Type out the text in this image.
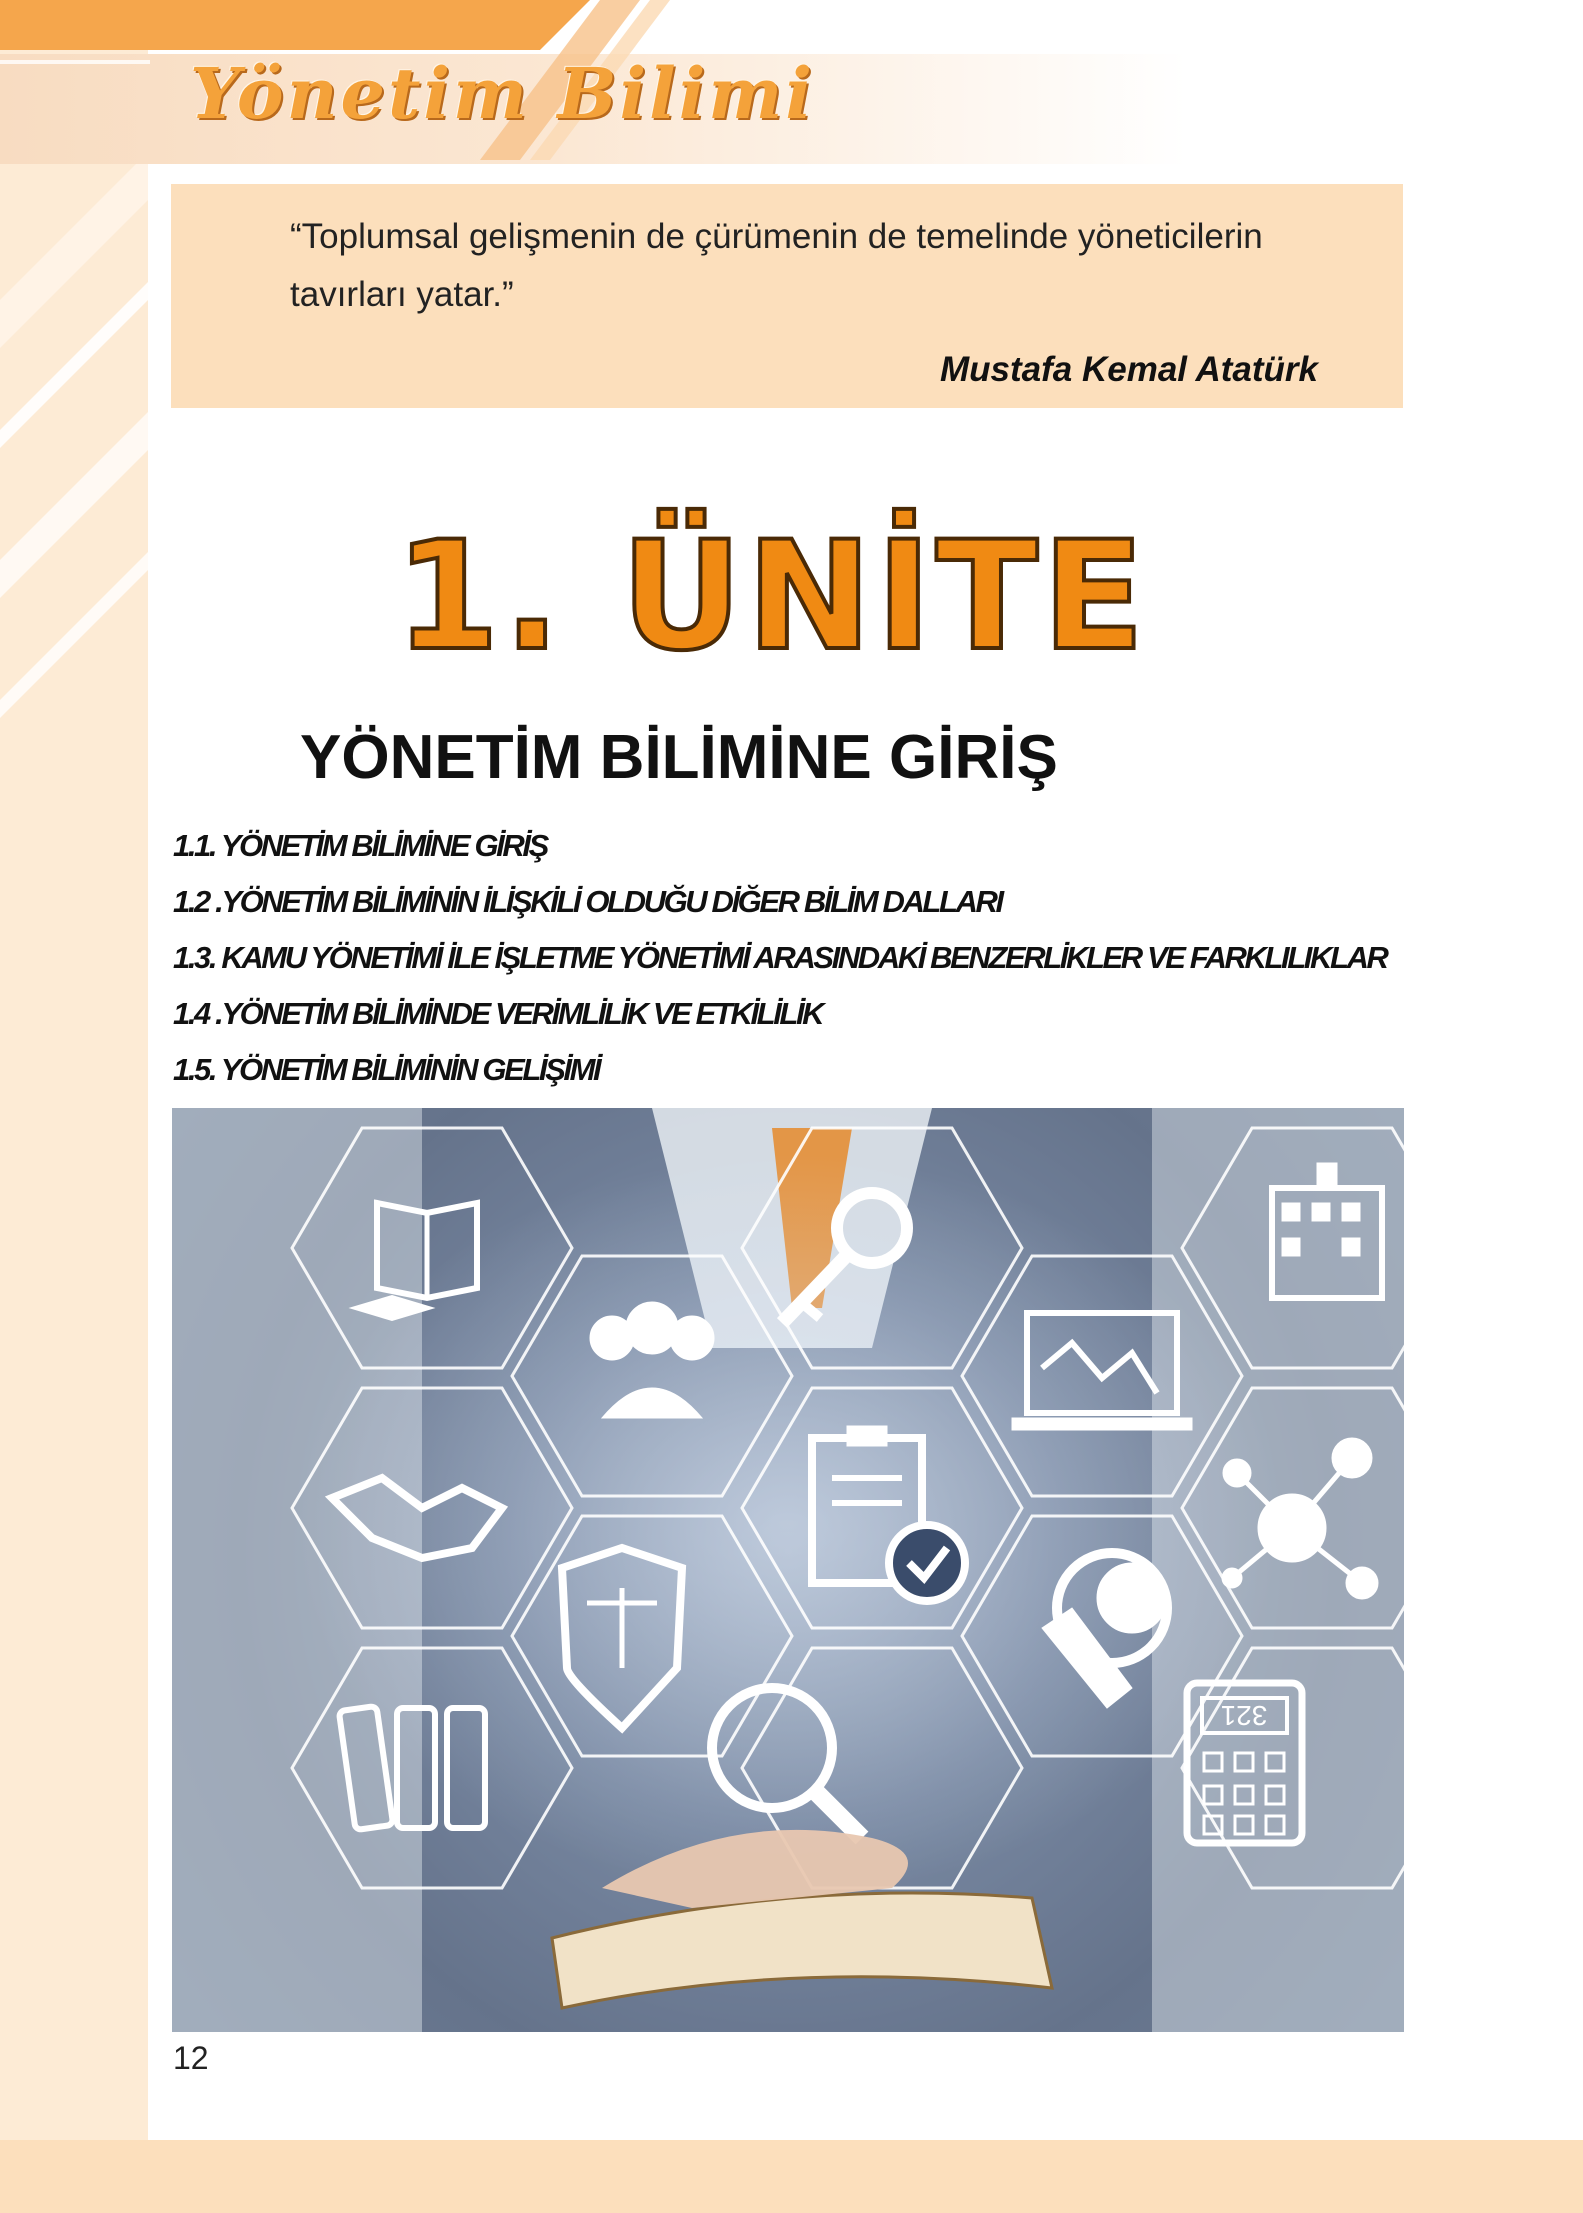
Yönetim Bilimi
“Toplumsal gelişmenin de çürümenin de temelinde yöneticilerin
tavırları yatar.”
Mustafa Kemal Atatürk
1. ÜNİTE
YÖNETİM BİLİMİNE GİRİŞ
1.1. YÖNETİM BİLİMİNE GİRİŞ
1.2 .YÖNETİM BİLİMİNİN İLİŞKİLİ OLDUĞU DİĞER BİLİM DALLARI
1.3. KAMU YÖNETİMİ İLE İŞLETME YÖNETİMİ ARASINDAKİ BENZERLİKLER VE FARKLILIKLAR
1.4 .YÖNETİM BİLİMİNDE VERİMLİLİK VE ETKİLİLİK
1.5. YÖNETİM BİLİMİNİN GELİŞİMİ
321
12
